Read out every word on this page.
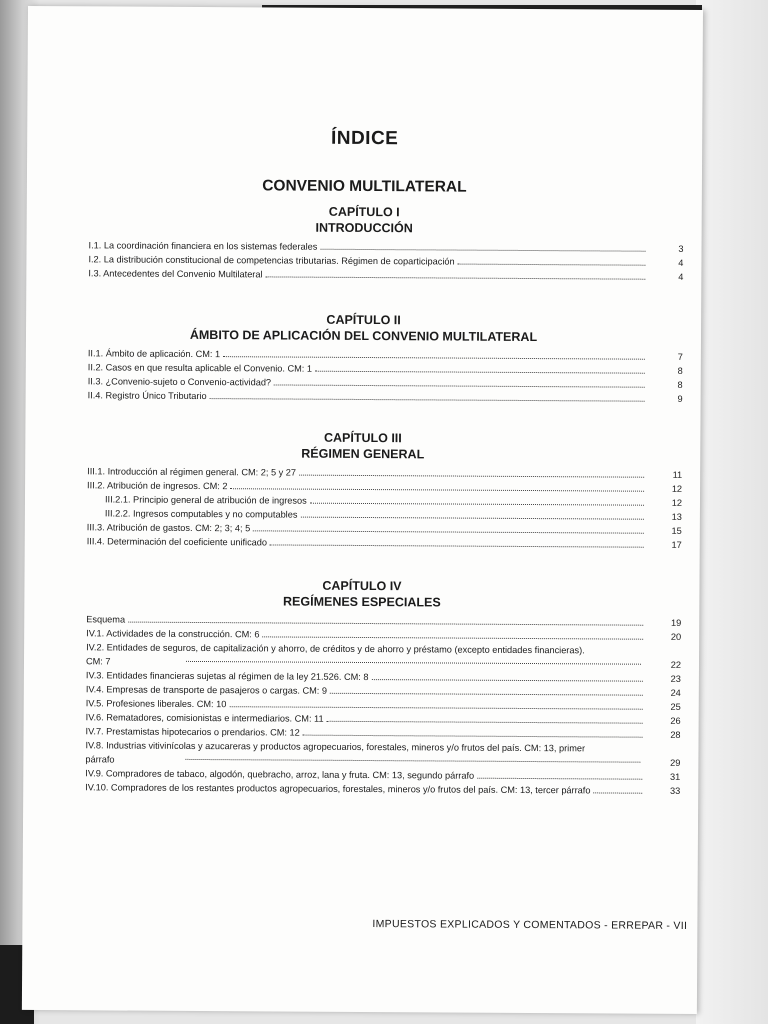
ÍNDICE
CONVENIO MULTILATERAL
CAPÍTULO I
INTRODUCCIÓN
I.1. La coordinación financiera en los sistemas federales	3
I.2. La distribución constitucional de competencias tributarias. Régimen de coparticipación	4
I.3. Antecedentes del Convenio Multilateral	4
CAPÍTULO II
ÁMBITO DE APLICACIÓN DEL CONVENIO MULTILATERAL
II.1. Ámbito de aplicación. CM: 1	7
II.2. Casos en que resulta aplicable el Convenio. CM: 1	8
II.3. ¿Convenio-sujeto o Convenio-actividad?	8
II.4. Registro Único Tributario	9
CAPÍTULO III
RÉGIMEN GENERAL
III.1. Introducción al régimen general. CM: 2; 5 y 27	11
III.2. Atribución de ingresos. CM: 2	12
III.2.1. Principio general de atribución de ingresos	12
III.2.2. Ingresos computables y no computables	13
III.3. Atribución de gastos. CM: 2; 3; 4; 5	15
III.4. Determinación del coeficiente unificado	17
CAPÍTULO IV
REGÍMENES ESPECIALES
Esquema	19
IV.1. Actividades de la construcción. CM: 6	20
IV.2. Entidades de seguros, de capitalización y ahorro, de créditos y de ahorro y préstamo (excepto entidades financieras). CM: 7	22
IV.3. Entidades financieras sujetas al régimen de la ley 21.526. CM: 8	23
IV.4. Empresas de transporte de pasajeros o cargas. CM: 9	24
IV.5. Profesiones liberales. CM: 10	25
IV.6. Rematadores, comisionistas e intermediarios. CM: 11	26
IV.7. Prestamistas hipotecarios o prendarios. CM: 12	28
IV.8. Industrias vitivinícolas y azucareras y productos agropecuarios, forestales, mineros y/o frutos del país. CM: 13, primer párrafo	29
IV.9. Compradores de tabaco, algodón, quebracho, arroz, lana y fruta. CM: 13, segundo párrafo	31
IV.10. Compradores de los restantes productos agropecuarios, forestales, mineros y/o frutos del país. CM: 13, tercer párrafo	33
IMPUESTOS EXPLICADOS Y COMENTADOS - ERREPAR - VII
